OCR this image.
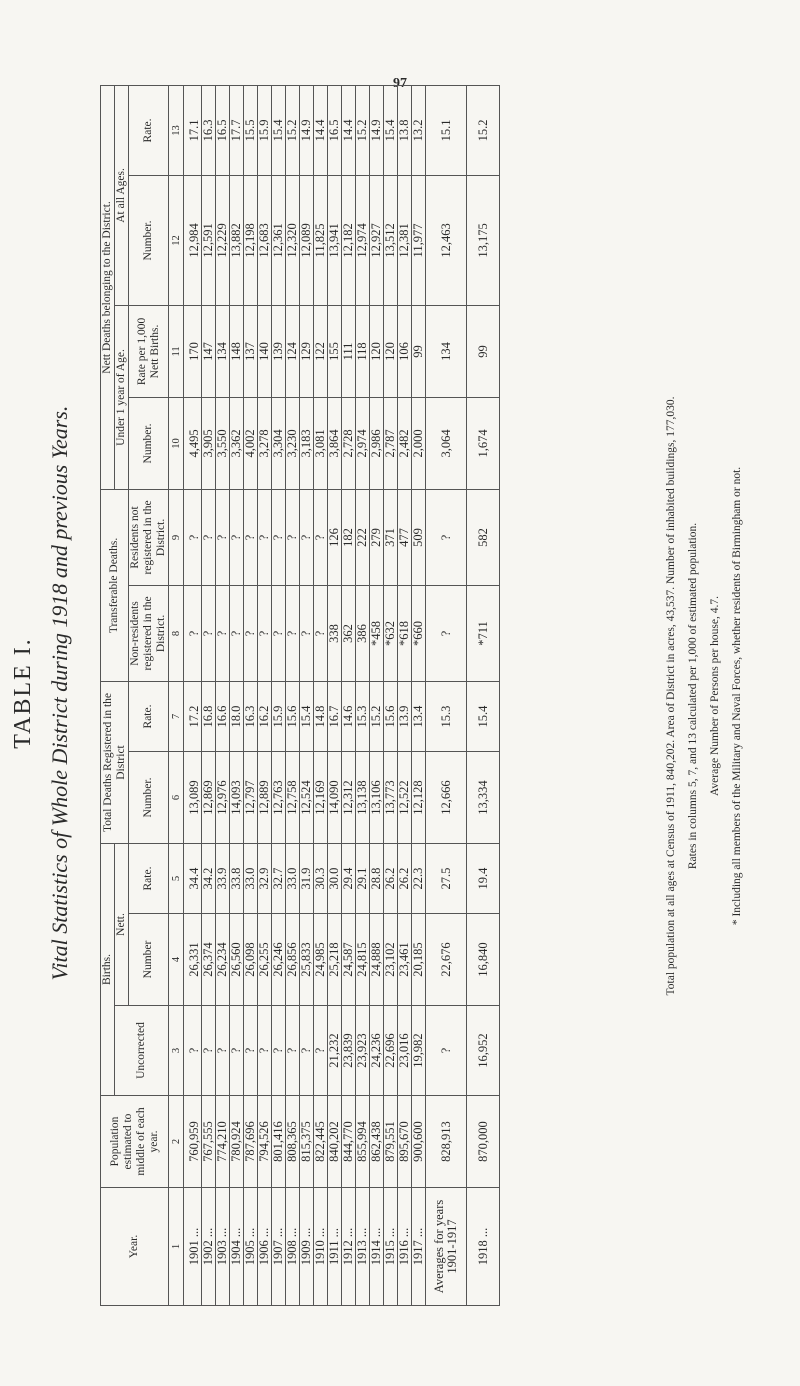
97
TABLE I. Vital Statistics of Whole District during 1918 and previous Years.
Year.	Population estimated to middle of each year.	Births.			Total Deaths Registered in the District		Transferable Deaths.		Nett Deaths belonging to the District.			
		Uncorrected	Nett.						Under 1 year of Age.		At all Ages.	
			Number	Rate.	Number.	Rate.	Non-residents registered in the District.	Residents not registered in the District.	Number.	Rate per 1,000 Nett Births.	Number.	Rate.
1	2	3	4	5	6	7	8	9	10	11	12	13
1901 ...	760,959	?	26,331	34.4	13,089	17.2	?	?	4,495	170	12,984	17.1
1902 ...	767,555	?	26,374	34.2	12,869	16.8	?	?	3,905	147	12,591	16.3
1903 ...	774,210	?	26,234	33.9	12,976	16.6	?	?	3,550	134	12,229	16.5
1904 ...	780,924	?	26,560	33.8	14,093	18.0	?	?	3,362	148	13,882	17.7
1905 ...	787,696	?	26,098	33.0	12,797	16.3	?	?	4,002	137	12,198	15.5
1906 ...	794,526	?	26,255	32.9	12,889	16.2	?	?	3,278	140	12,683	15.9
1907 ...	801,416	?	26,246	32.7	12,763	15.9	?	?	3,304	139	12,361	15.4
1908 ...	808,365	?	26,856	33.0	12,758	15.6	?	?	3,230	124	12,320	15.2
1909 ...	815,375	?	25,833	31.9	12,524	15.4	?	?	3,183	129	12,089	14.9
1910 ...	822,445	?	24,985	30.3	12,169	14.8	?	?	3,081	122	11,825	14.4
1911 ...	840,202	21,232	25,218	30.0	14,090	16.7	338	126	3,864	155	13,941	16.5
1912 ...	844,770	23,839	24,587	29.4	12,312	14.6	362	182	2,728	111	12,182	14.4
1913 ...	855,994	23,923	24,815	29.1	13,138	15.3	386	222	2,974	118	12,974	15.2
1914 ...	862,438	24,236	24,888	28.8	13,106	15.2	*458	279	2,986	120	12,927	14.9
1915 ...	879,551	22,696	23,102	26.2	13,773	15.6	*632	371	2,787	120	13,512	15.4
1916 ...	895,670	23,016	23,461	26.2	12,522	13.9	*618	477	2,482	106	12,381	13.8
1917 ...	900,600	19,982	20,185	22.3	12,128	13.4	*660	509	2,000	99	11,977	13.2
Averages for years 1901-1917	828,913	?	22,676	27.5	12,666	15.3	?	?	3,064	134	12,463	15.1
1918 ...	870,000	16,952	16,840	19.4	13,334	15.4	*711	582	1,674	99	13,175	15.2
Total population at all ages at Census of 1911, 840,202. Area of District in acres, 43,537. Number of inhabited buildings, 177,030. Rates in columns 5, 7, and 13 calculated per 1,000 of estimated population. Average Number of Persons per house, 4.7. * Including all members of the Military and Naval Forces, whether residents of Birmingham or not.
